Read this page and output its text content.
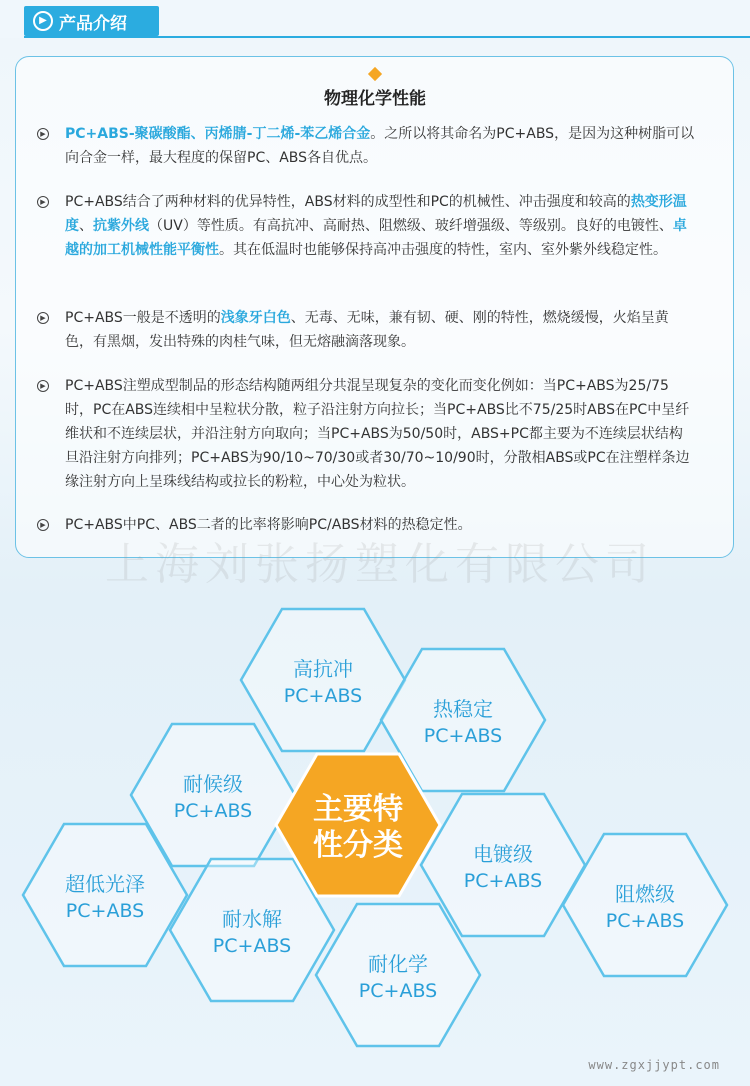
▶ 产品介绍
物理化学性能
▶ PC+ABS-聚碳酸酯、丙烯腈-丁二烯-苯乙烯合金。之所以将其命名为PC+ABS，是因为这种树脂可以向合金一样，最大程度的保留PC、ABS各自优点。
▶ PC+ABS结合了两种材料的优异特性，ABS材料的成型性和PC的机械性、冲击强度和较高的热变形温度、抗紫外线（UV）等性质。有高抗冲、高耐热、阻燃级、玻纤增强级、等级别。良好的电镀性、卓越的加工机械性能平衡性。其在低温时也能够保持高冲击强度的特性，室内、室外紫外线稳定性。
▶ PC+ABS一般是不透明的浅象牙白色、无毒、无味，兼有韧、硬、刚的特性，燃烧缓慢，火焰呈黄色，有黑烟，发出特殊的肉桂气味，但无熔融滴落现象。
▶ PC+ABS注塑成型制品的形态结构随两组分共混呈现复杂的变化而变化例如：当PC+ABS为25/75时，PC在ABS连续相中呈粒状分散，粒子沿注射方向拉长；当PC+ABS比不75/25时ABS在PC中呈纤维状和不连续层状，并沿注射方向取向；当PC+ABS为50/50时，ABS+PC都主要为不连续层状结构旦沿注射方向排列；PC+ABS为90/10~70/30或者30/70~10/90时，分散相ABS或PC在注塑样条边缘注射方向上呈珠线结构或拉长的粉粒，中心处为粒状。
▶ PC+ABS中PC、ABS二者的比率将影响PC/ABS材料的热稳定性。
上海刘张扬塑化有限公司
高抗冲
PC+ABS
热稳定
PC+ABS
耐候级
PC+ABS
电镀级
PC+ABS
超低光泽
PC+ABS
阻燃级
PC+ABS
耐水解
PC+ABS
耐化学
PC+ABS
主要特
性分类
www.zgxjjypt.com
